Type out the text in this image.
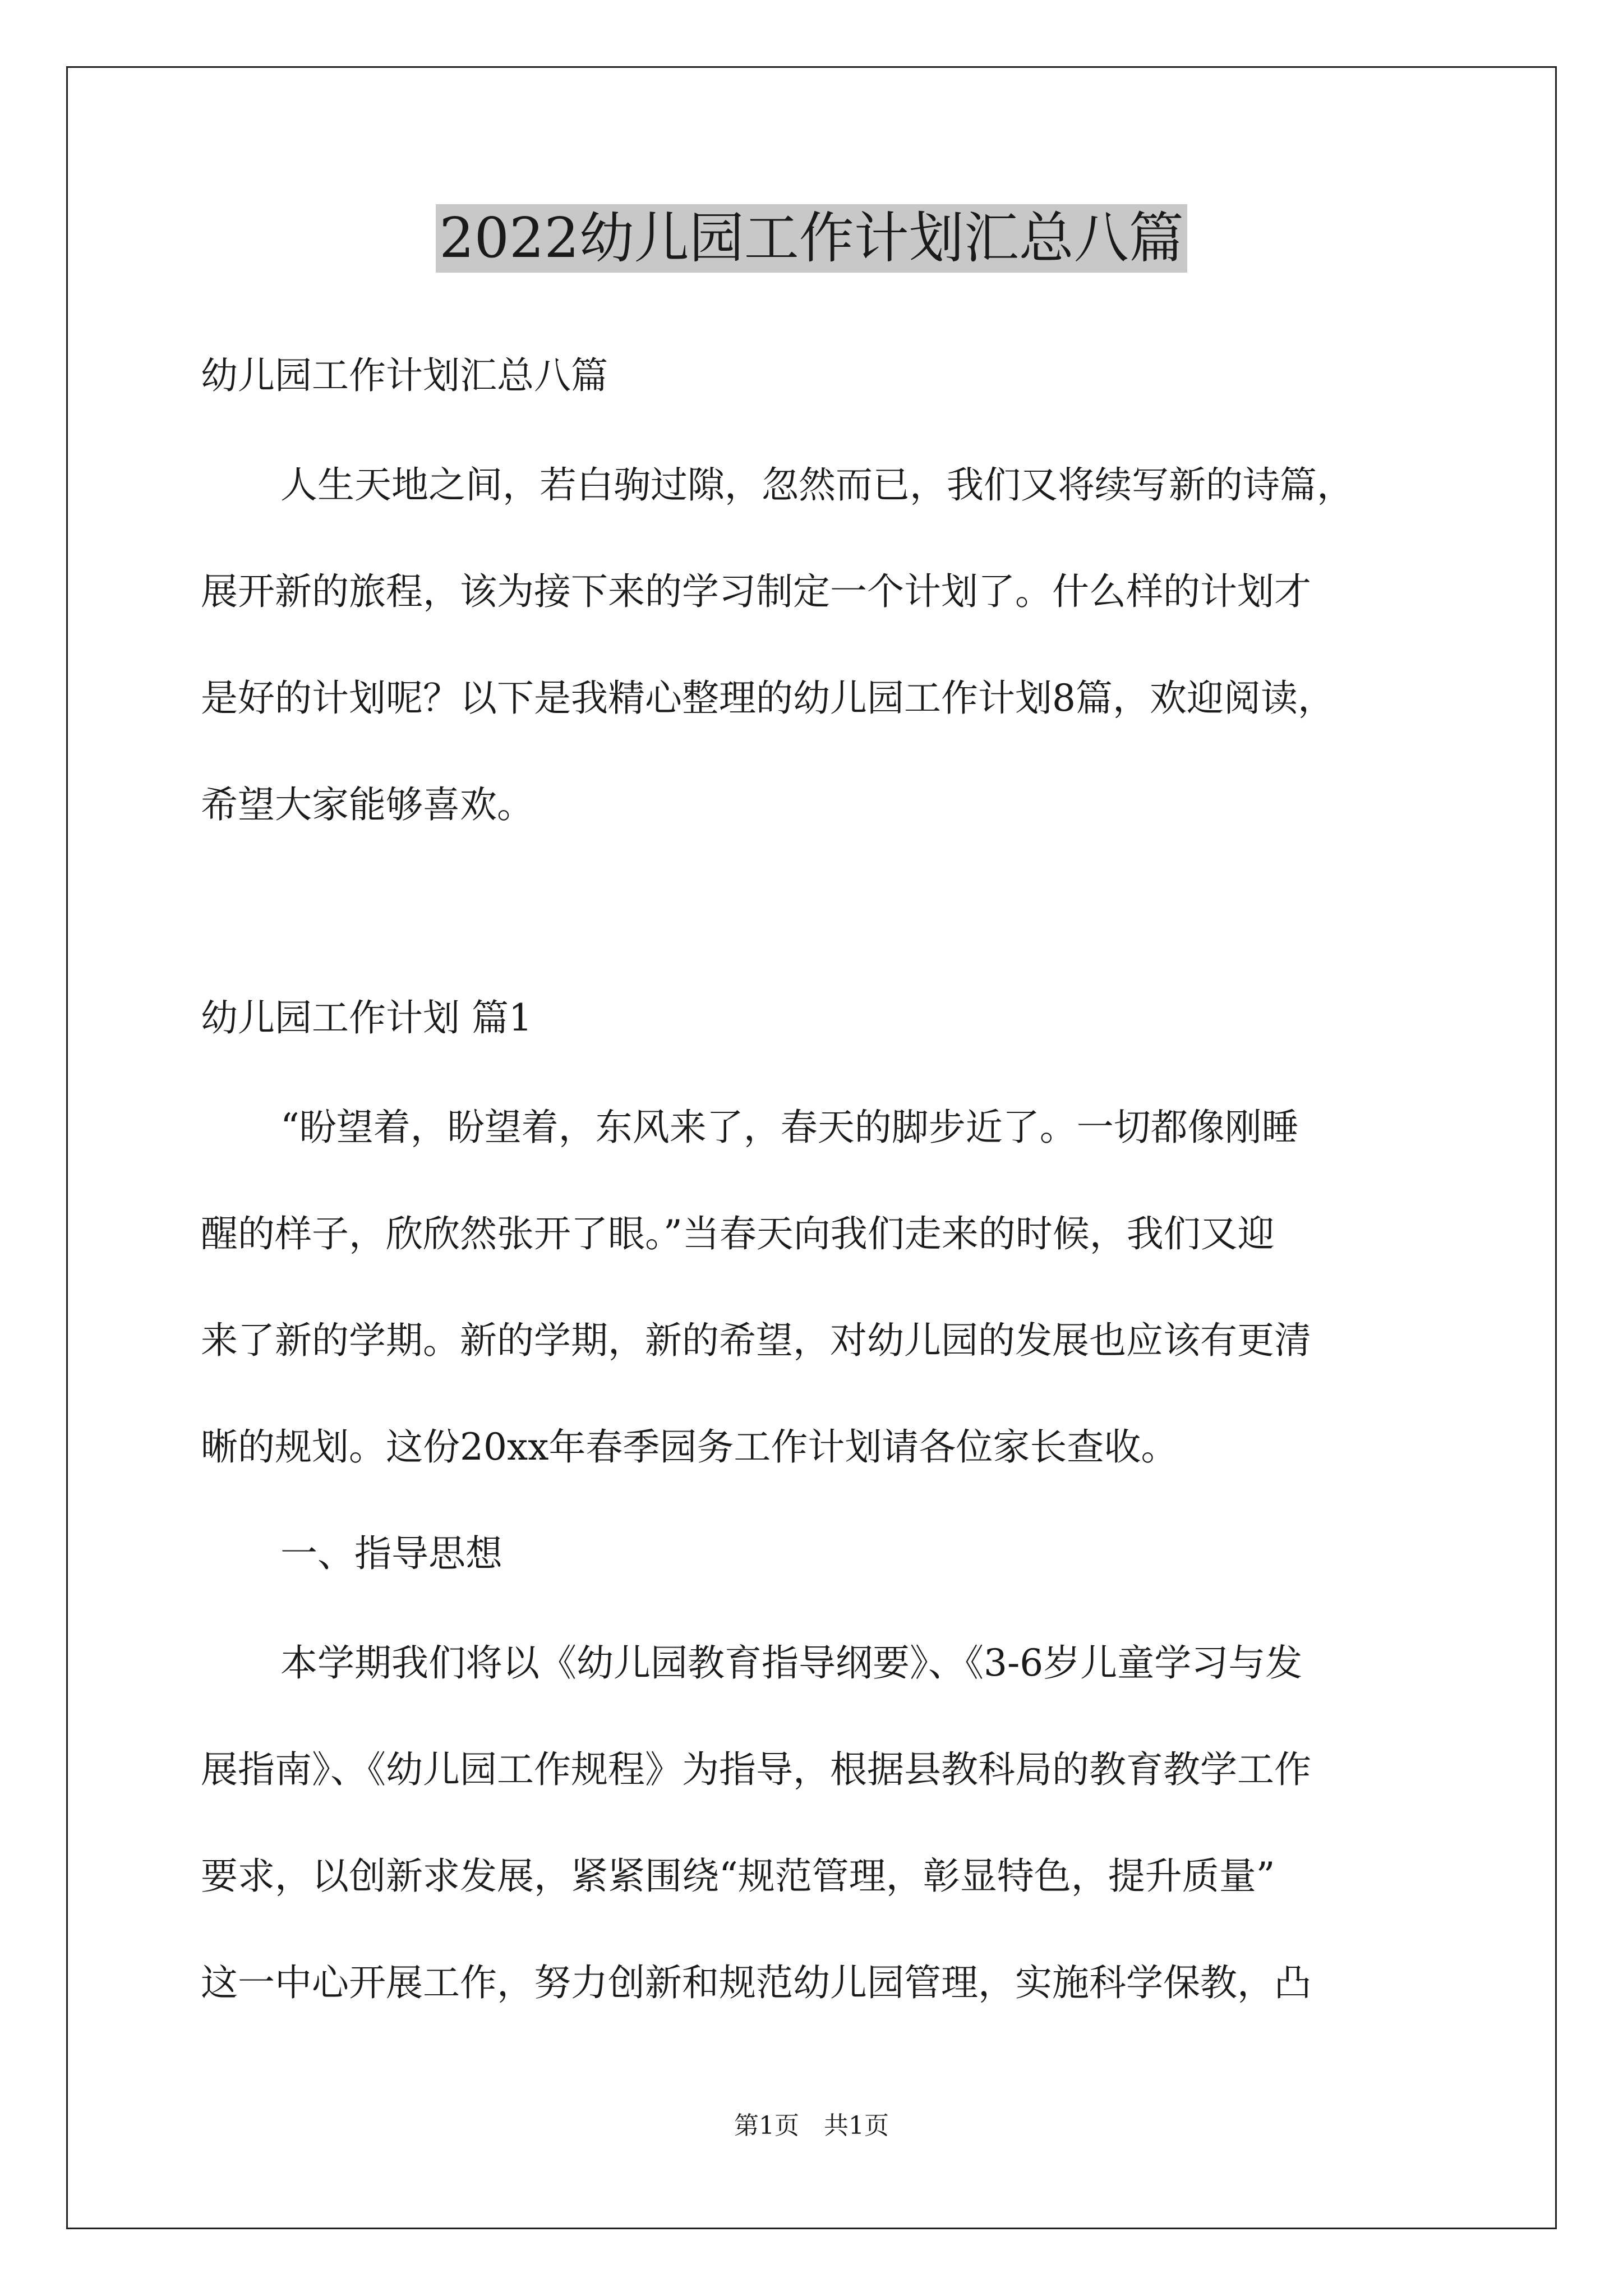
2022幼儿园工作计划汇总八篇
幼儿园工作计划汇总八篇
人生天地之间，若白驹过隙，忽然而已，我们又将续写新的诗篇，
展开新的旅程，该为接下来的学习制定一个计划了。什么样的计划才
是好的计划呢？以下是我精心整理的幼儿园工作计划8篇，欢迎阅读，
希望大家能够喜欢。
幼儿园工作计划 篇1
“盼望着，盼望着，东风来了，春天的脚步近了。一切都像刚睡
醒的样子，欣欣然张开了眼。”当春天向我们走来的时候，我们又迎
来了新的学期。新的学期，新的希望，对幼儿园的发展也应该有更清
晰的规划。这份20xx年春季园务工作计划请各位家长查收。
一、指导思想
本学期我们将以《幼儿园教育指导纲要》、《3-6岁儿童学习与发
展指南》、《幼儿园工作规程》为指导，根据县教科局的教育教学工作
要求，以创新求发展，紧紧围绕“规范管理，彰显特色，提升质量”
这一中心开展工作，努力创新和规范幼儿园管理，实施科学保教，凸
第1页　共1页
